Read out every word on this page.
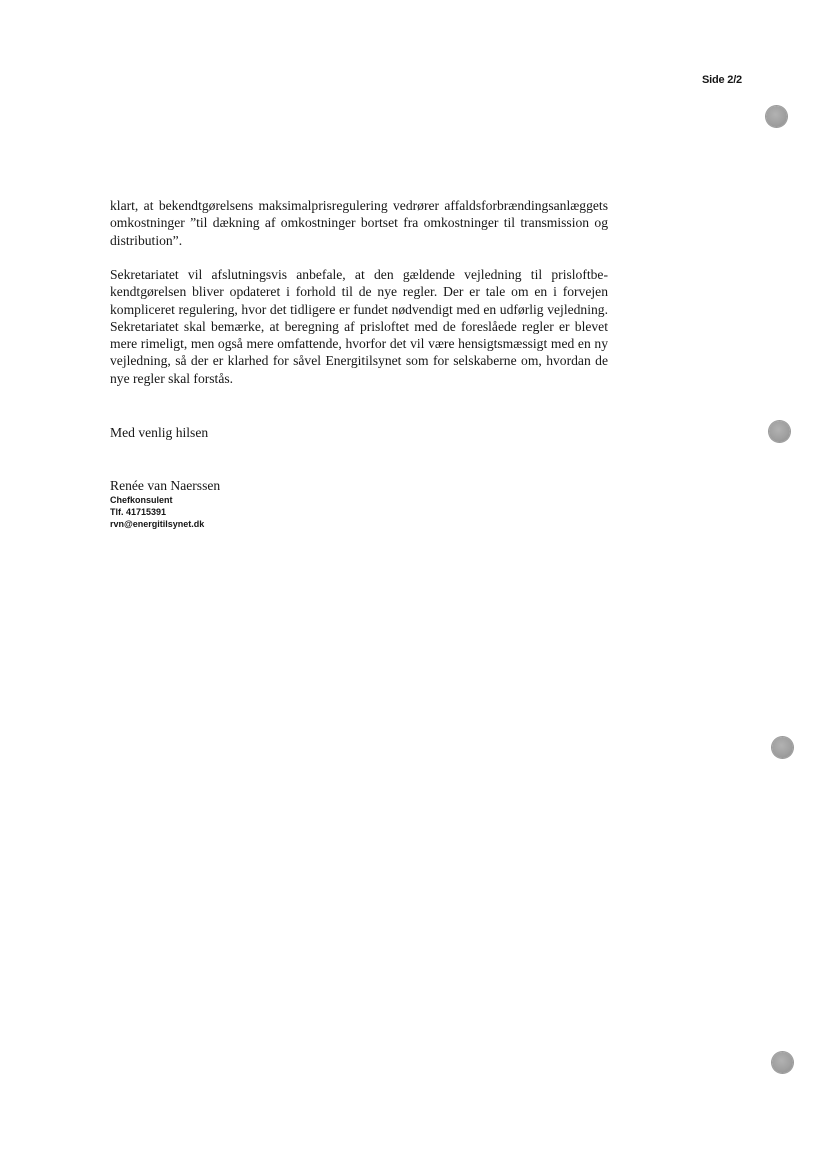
Side 2/2

klart, at bekendtgørelsens maksimalprisregulering vedrører affaldsforbrændingsanlæggets omkostninger ”til dækning af omkostninger bortset fra omkostninger til transmission og distribution”.

Sekretariatet vil afslutningsvis anbefale, at den gældende vejledning til prisloftbekendtgørelsen bliver opdateret i forhold til de nye regler. Der er tale om en i forvejen kompliceret regulering, hvor det tidligere er fundet nødvendigt med en udførlig vejledning. Sekretariatet skal bemærke, at beregning af prisloftet med de foreslåede regler er blevet mere rimeligt, men også mere omfattende, hvorfor det vil være hensigtsmæssigt med en ny vejledning, så der er klarhed for såvel Energitilsynet som for selskaberne om, hvordan de nye regler skal forstås.

Med venlig hilsen

Renée van Naerssen
Chefkonsulent
Tlf. 41715391
rvn@energitilsynet.dk
